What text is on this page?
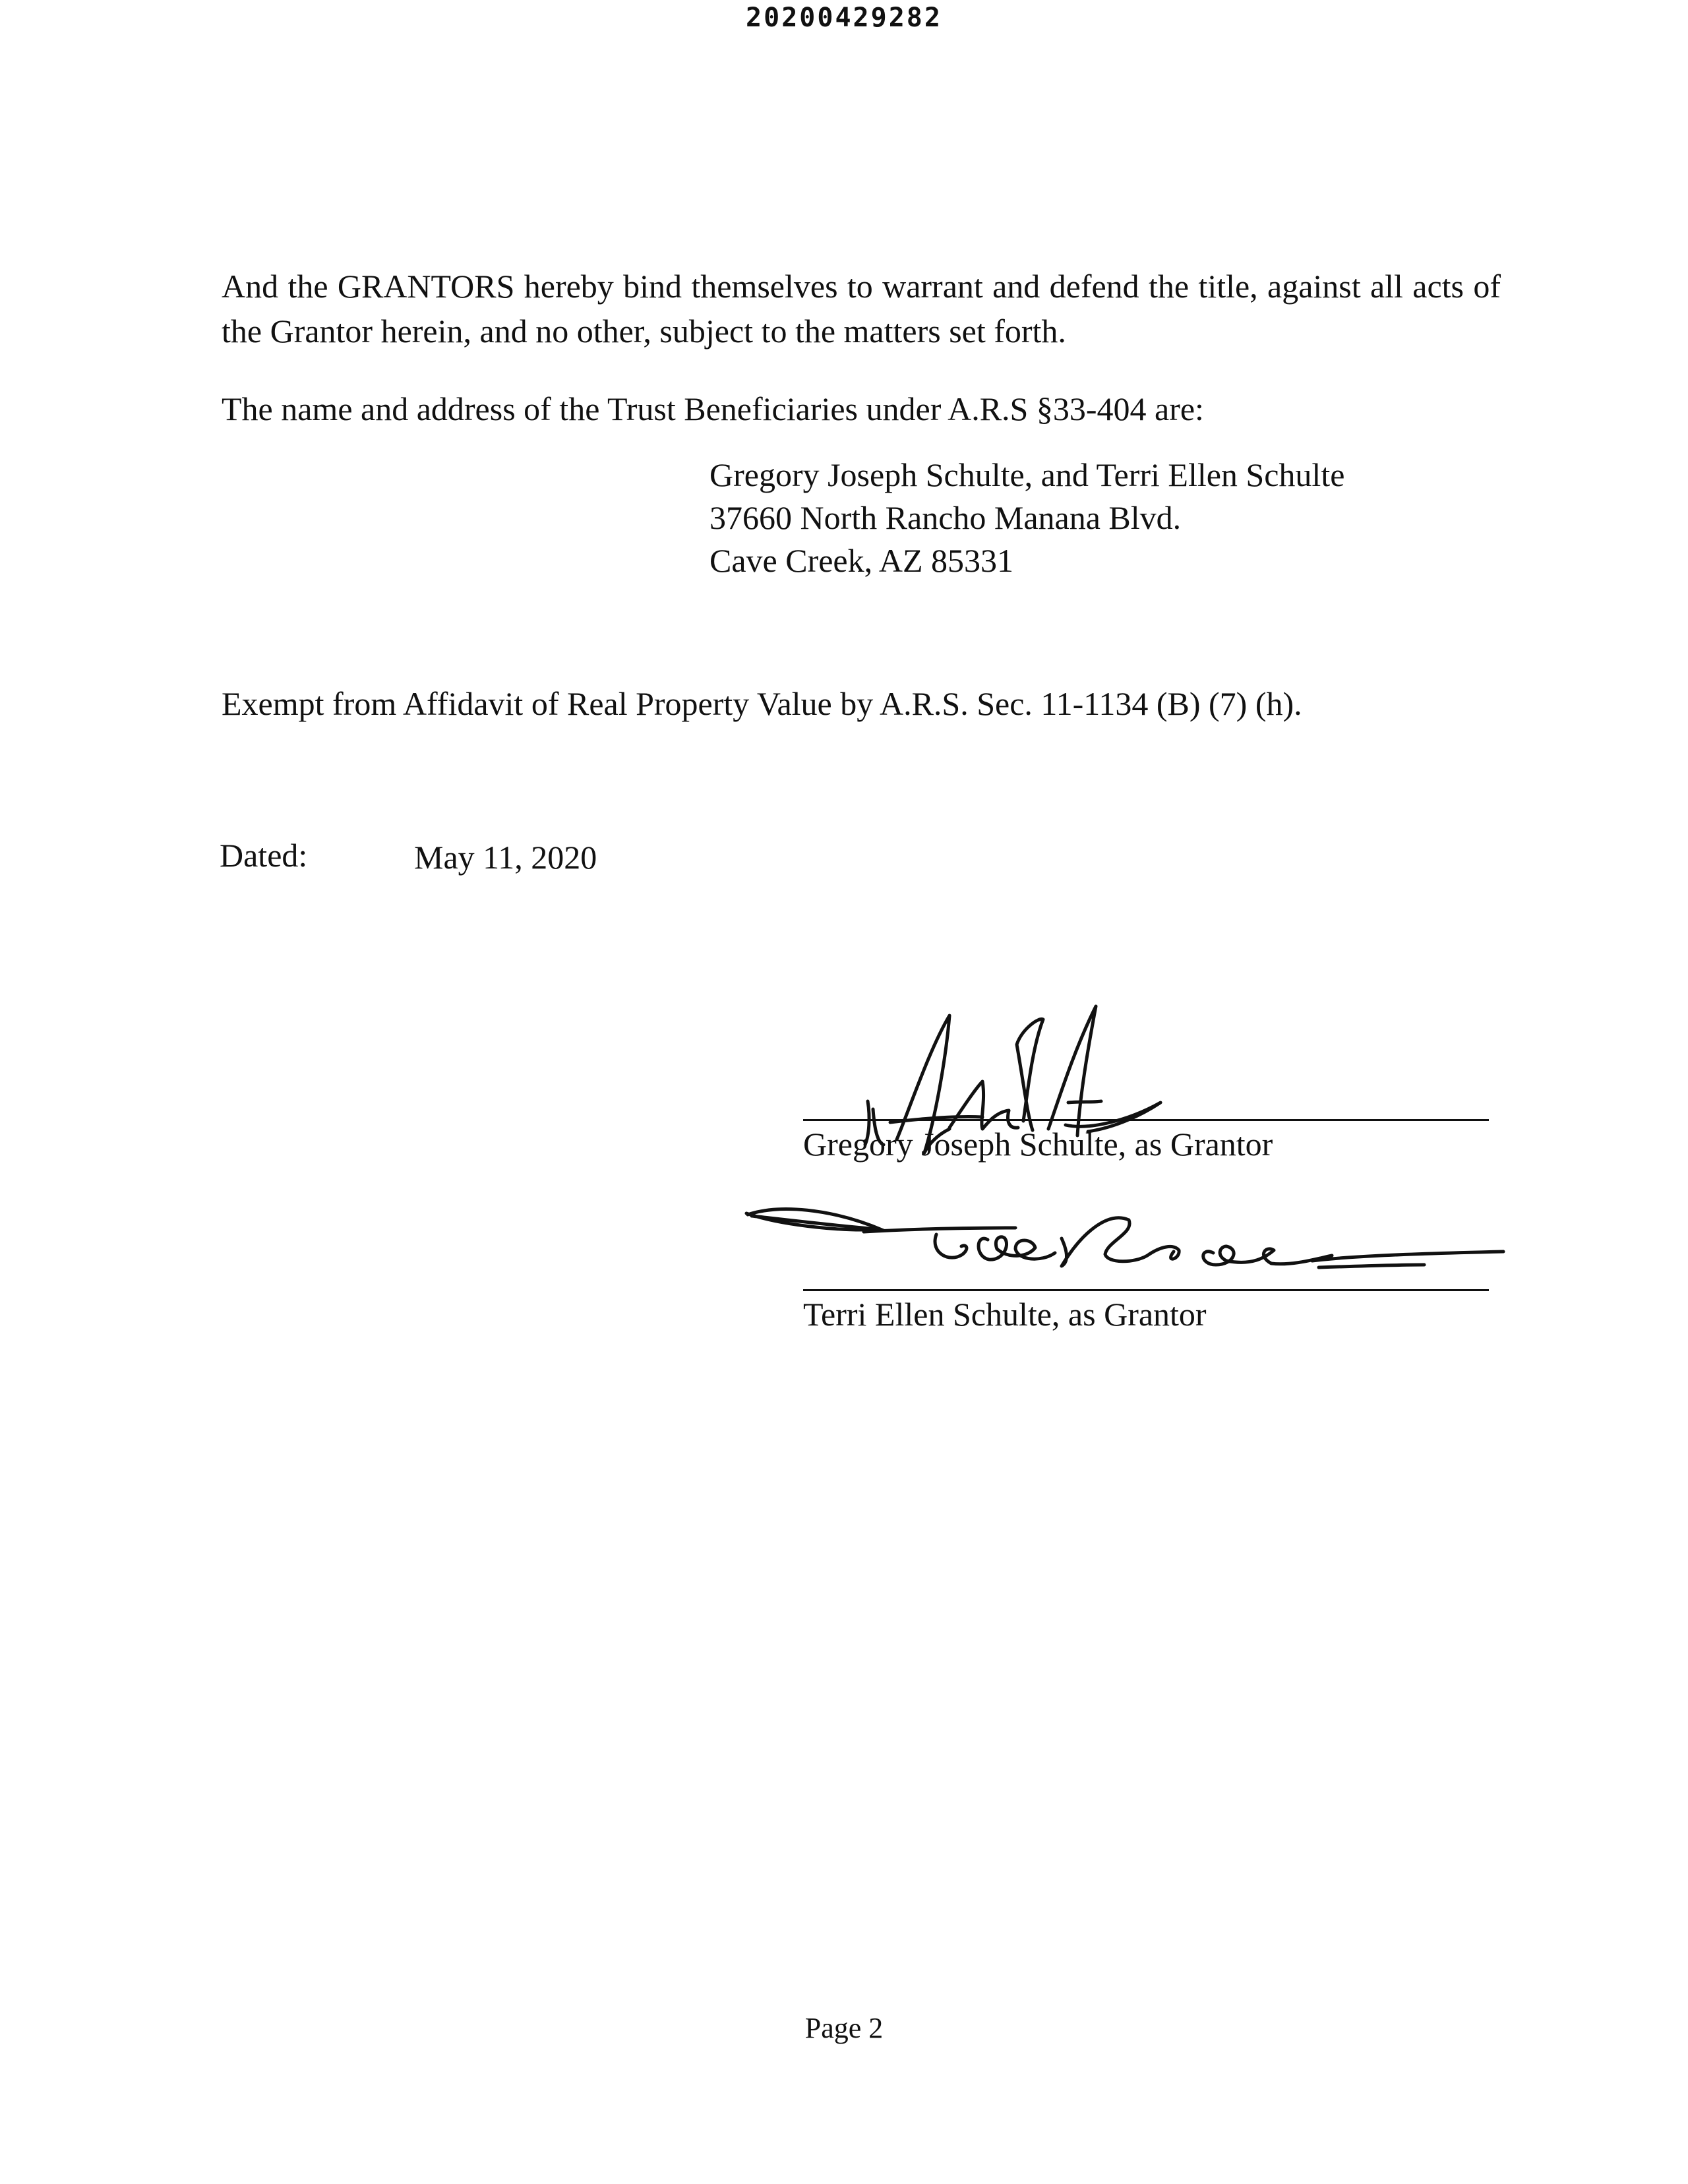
20200429282

And the GRANTORS hereby bind themselves to warrant and defend the title, against all acts of the Grantor herein, and no other, subject to the matters set forth.

The name and address of the Trust Beneficiaries under A.R.S §33-404 are:

Gregory Joseph Schulte, and Terri Ellen Schulte

37660 North Rancho Manana Blvd.

Cave Creek, AZ 85331

Exempt from Affidavit of Real Property Value by A.R.S. Sec. 11-1134 (B) (7) (h).

Dated:	May 11, 2020

Gregory Joseph Schulte, as Grantor

Terri Ellen Schulte, as Grantor

Page 2
